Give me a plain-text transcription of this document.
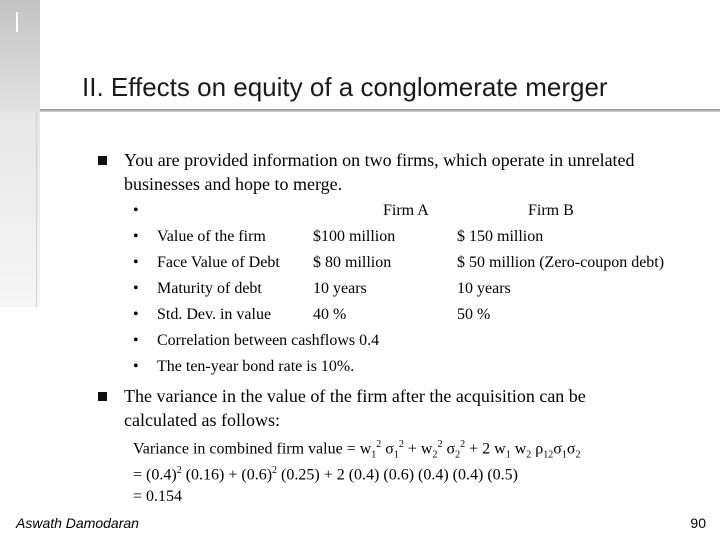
II. Effects on equity of a conglomerate merger
You are provided information on two firms, which operate in unrelated
businesses and hope to merge.
•	Firm A	Firm B
• Value of the firm	$100 million	$ 150 million
• Face Value of Debt $ 80 million	$ 50 million (Zero-coupon debt)
• Maturity of debt	10 years	10 years
• Std. Dev. in value	40 %	50 %
• Correlation between cashflows 0.4
• The ten-year bond rate is 10%.
The variance in the value of the firm after the acquisition can be
calculated as follows:
Variance in combined firm value = $w_1^2$ $\sigma_1^2 + w_2^2$ $\sigma_2^2 + 2$ $w_1$ $w_2$ $\rho_{12}\sigma_1\sigma_2$
= $(0.4)^2$ $(0.16) + (0.6)^2$ (0.25) + 2 (0.4) (0.6) (0.4) (0.4) (0.5)
= 0.154
Aswath Damodaran	90
